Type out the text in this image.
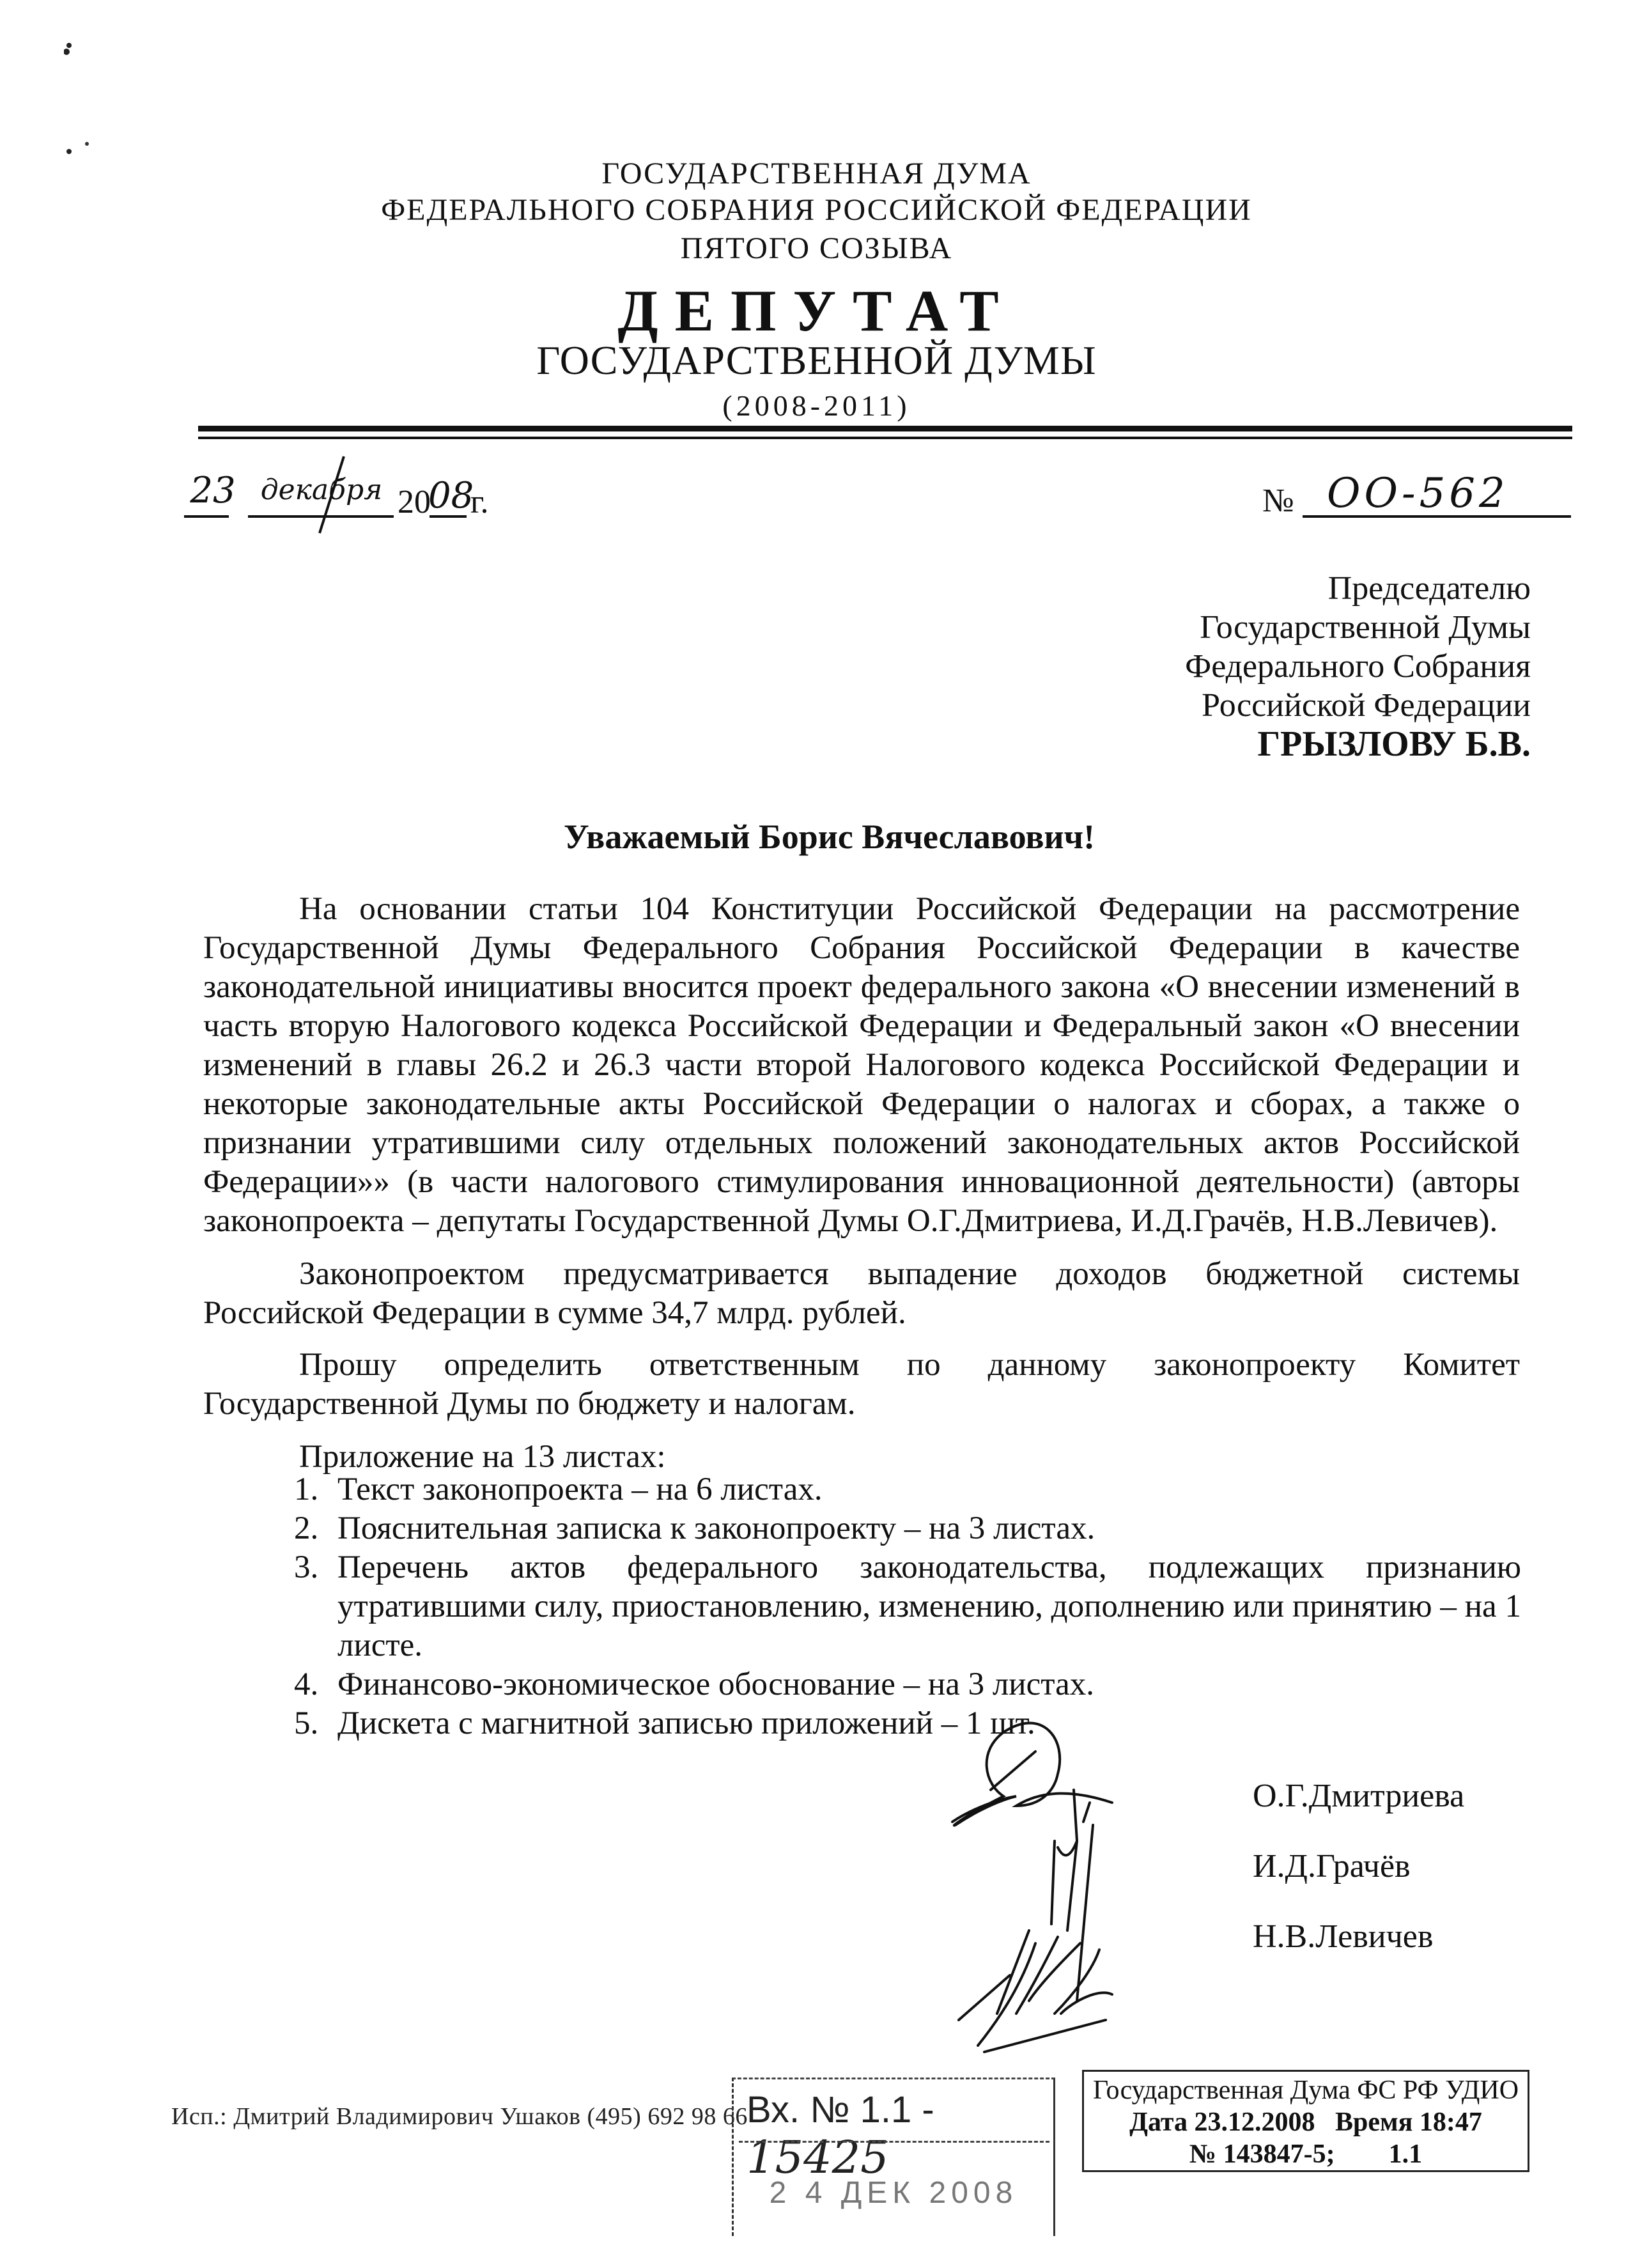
ГОСУДАРСТВЕННАЯ ДУМА
ФЕДЕРАЛЬНОГО СОБРАНИЯ РОССИЙСКОЙ ФЕДЕРАЦИИ
ПЯТОГО СОЗЫВА
ДЕПУТАТ
ГОСУДАРСТВЕННОЙ ДУМЫ
(2008-2011)
23 декабря 20
08
г.	№ ОО-562
Председателю
Государственной Думы
Федерального Собрания
Российской Федерации
ГРЫЗЛОВУ Б.В.
Уважаемый Борис Вячеславович!
На основании статьи 104 Конституции Российской Федерации на рассмотрение Государственной Думы Федерального Собрания Российской Федерации в качестве законодательной инициативы вносится проект федерального закона «О внесении изменений в часть вторую Налогового кодекса Российской Федерации и Федеральный закон «О внесении изменений в главы 26.2 и 26.3 части второй Налогового кодекса Российской Федерации и некоторые законодательные акты Российской Федерации о налогах и сборах, а также о признании утратившими силу отдельных положений законодательных актов Российской Федерации»» (в части налогового стимулирования инновационной деятельности) (авторы законопроекта – депутаты Государственной Думы О.Г.Дмитриева, И.Д.Грачёв, Н.В.Левичев).
Законопроектом предусматривается выпадение доходов бюджетной системы Российской Федерации в сумме 34,7 млрд. рублей.
Прошу определить ответственным по данному законопроекту Комитет Государственной Думы по бюджету и налогам.
Приложение на 13 листах:
1. Текст законопроекта – на 6 листах.
2. Пояснительная записка к законопроекту – на 3 листах.
3. Перечень актов федерального законодательства, подлежащих признанию утратившими силу, приостановлению, изменению, дополнению или принятию – на 1 листе.
4. Финансово-экономическое обоснование – на 3 листах.
5. Дискета с магнитной записью приложений – 1 шт.
О.Г.Дмитриева
И.Д.Грачёв
Н.В.Левичев
Исп.: Дмитрий Владимирович Ушаков (495) 692 98 66
Вх. № 1.1 - 15425
2 4 ДЕК 2008
Государственная Дума ФС РФ УДИО
Дата 23.12.2008   Время 18:47
№ 143847-5;        1.1
